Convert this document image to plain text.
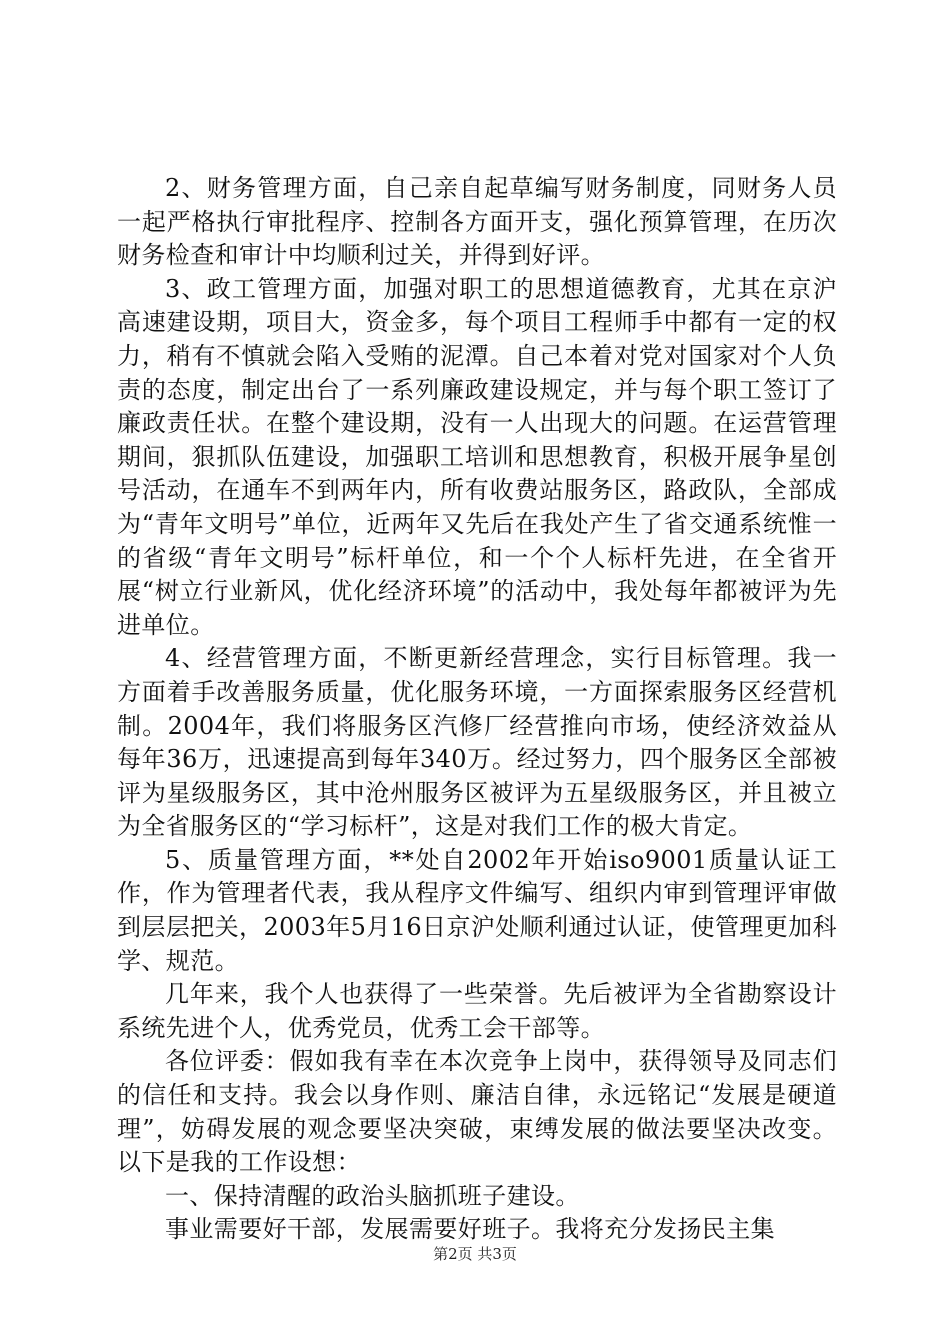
2、财务管理方面，自己亲自起草编写财务制度，同财务人员一起严格执行审批程序、控制各方面开支，强化预算管理，在历次财务检查和审计中均顺利过关，并得到好评。

3、政工管理方面，加强对职工的思想道德教育，尤其在京沪高速建设期，项目大，资金多，每个项目工程师手中都有一定的权力，稍有不慎就会陷入受贿的泥潭。自己本着对党对国家对个人负责的态度，制定出台了一系列廉政建设规定，并与每个职工签订了廉政责任状。在整个建设期，没有一人出现大的问题。在运营管理期间，狠抓队伍建设，加强职工培训和思想教育，积极开展争星创号活动，在通车不到两年内，所有收费站服务区，路政队，全部成为“青年文明号”单位，近两年又先后在我处产生了省交通系统惟一的省级“青年文明号”标杆单位，和一个个人标杆先进，在全省开展“树立行业新风，优化经济环境”的活动中，我处每年都被评为先进单位。

4、经营管理方面，不断更新经营理念，实行目标管理。我一方面着手改善服务质量，优化服务环境，一方面探索服务区经营机制。2004年，我们将服务区汽修厂经营推向市场，使经济效益从每年36万，迅速提高到每年340万。经过努力，四个服务区全部被评为星级服务区，其中沧州服务区被评为五星级服务区，并且被立为全省服务区的“学习标杆”，这是对我们工作的极大肯定。

5、质量管理方面，**处自2002年开始iso9001质量认证工作，作为管理者代表，我从程序文件编写、组织内审到管理评审做到层层把关，2003年5月16日京沪处顺利通过认证，使管理更加科学、规范。

几年来，我个人也获得了一些荣誉。先后被评为全省勘察设计系统先进个人，优秀党员，优秀工会干部等。

各位评委：假如我有幸在本次竞争上岗中，获得领导及同志们的信任和支持。我会以身作则、廉洁自律，永远铭记“发展是硬道理”，妨碍发展的观念要坚决突破，束缚发展的做法要坚决改变。以下是我的工作设想：

一、保持清醒的政治头脑抓班子建设。

事业需要好干部，发展需要好班子。我将充分发扬民主集

第2页 共3页
